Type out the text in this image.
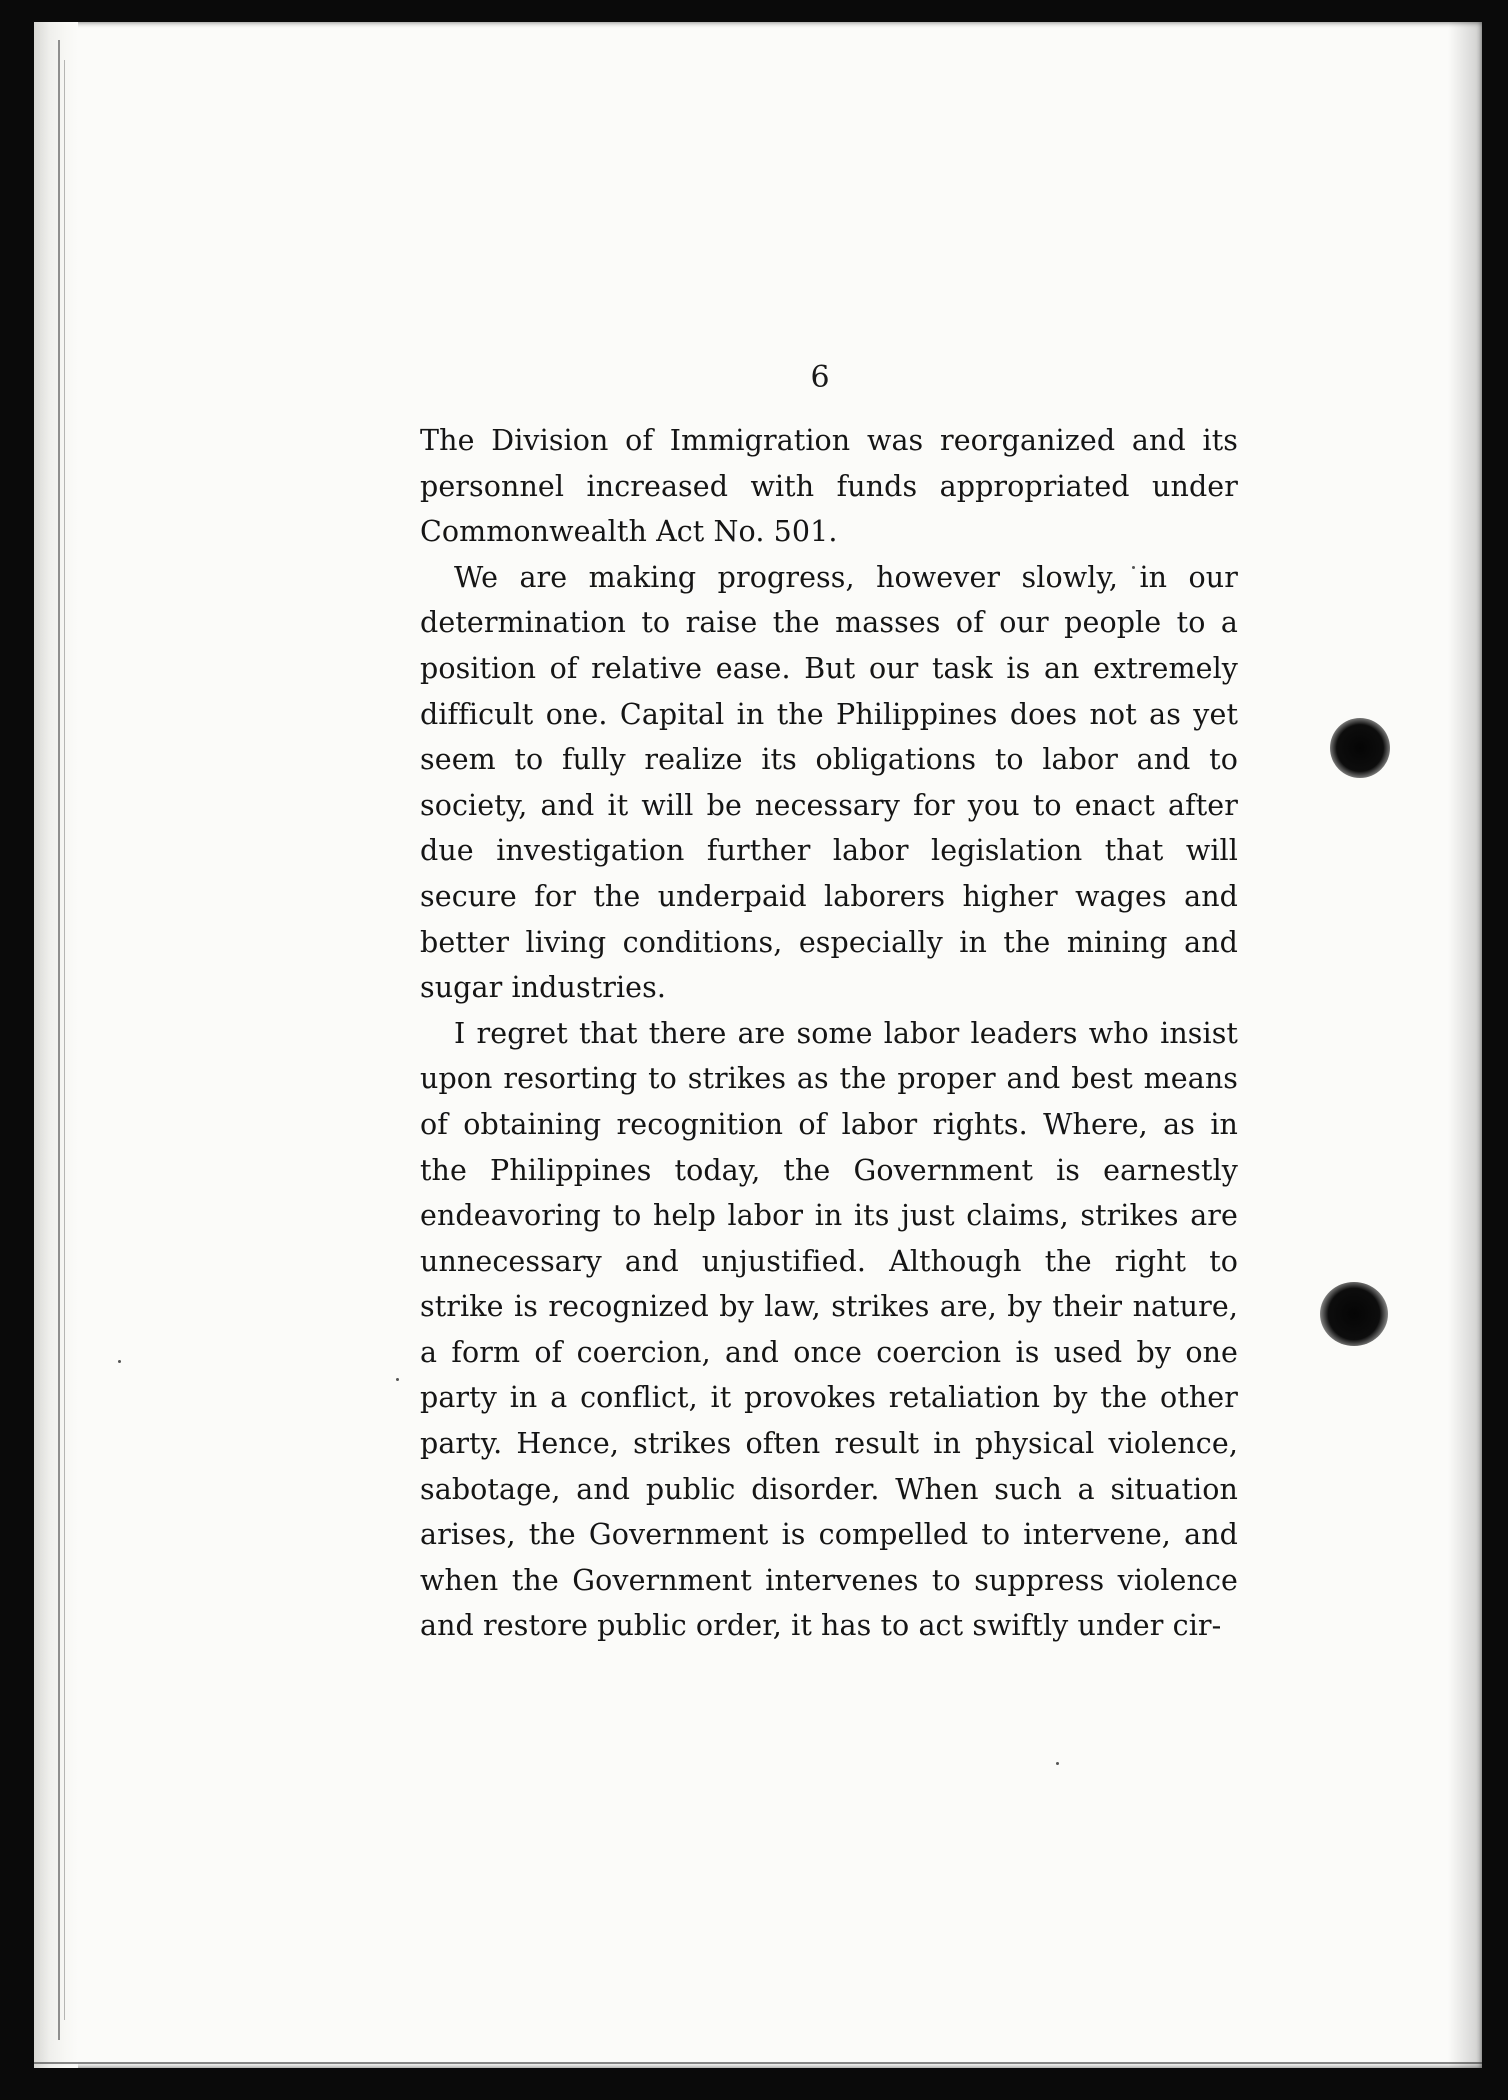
6

The Division of Immigration was reorganized and its personnel increased with funds appropriated under Commonwealth Act No. 501.

We are making progress, however slowly, in our determination to raise the masses of our people to a position of relative ease. But our task is an extremely difficult one. Capital in the Philippines does not as yet seem to fully realize its obligations to labor and to society, and it will be necessary for you to enact after due investigation further labor legislation that will secure for the underpaid laborers higher wages and better living conditions, especially in the mining and sugar industries.

I regret that there are some labor leaders who insist upon resorting to strikes as the proper and best means of obtaining recognition of labor rights. Where, as in the Philippines today, the Government is earnestly endeavoring to help labor in its just claims, strikes are unnecessary and unjustified. Although the right to strike is recognized by law, strikes are, by their nature, a form of coercion, and once coercion is used by one party in a conflict, it provokes retaliation by the other party. Hence, strikes often result in physical violence, sabotage, and public disorder. When such a situation arises, the Government is compelled to intervene, and when the Government intervenes to suppress violence and restore public order, it has to act swiftly under cir-
